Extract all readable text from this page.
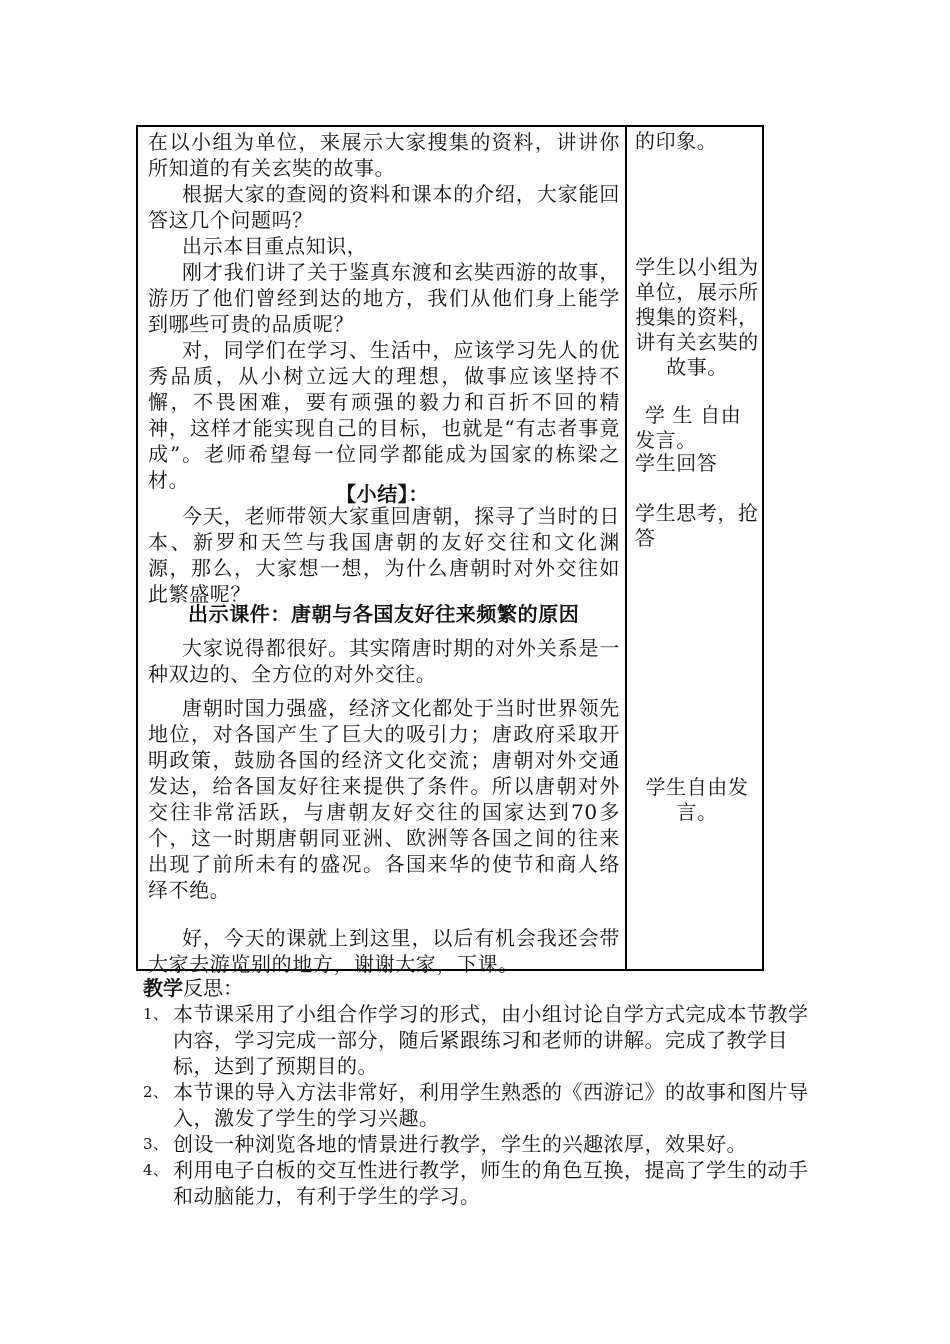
在以小组为单位，来展示大家搜集的资料，讲讲你所知道的有关玄奘的故事。
根据大家的查阅的资料和课本的介绍，大家能回答这几个问题吗？
出示本目重点知识，
刚才我们讲了关于鉴真东渡和玄奘西游的故事，游历了他们曾经到达的地方，我们从他们身上能学到哪些可贵的品质呢？
对，同学们在学习、生活中，应该学习先人的优秀品质，从小树立远大的理想，做事应该坚持不懈，不畏困难，要有顽强的毅力和百折不回的精神，这样才能实现自己的目标，也就是“有志者事竟成”。老师希望每一位同学都能成为国家的栋梁之材。
【小结】：
今天，老师带领大家重回唐朝，探寻了当时的日本、新罗和天竺与我国唐朝的友好交往和文化渊源，那么，大家想一想，为什么唐朝时对外交往如此繁盛呢？
出示课件：唐朝与各国友好往来频繁的原因
大家说得都很好。其实隋唐时期的对外关系是一种双边的、全方位的对外交往。
唐朝时国力强盛，经济文化都处于当时世界领先地位，对各国产生了巨大的吸引力；唐政府采取开明政策，鼓励各国的经济文化交流；唐朝对外交通发达，给各国友好往来提供了条件。所以唐朝对外交往非常活跃，与唐朝友好交往的国家达到70多个，这一时期唐朝同亚洲、欧洲等各国之间的往来出现了前所未有的盛况。各国来华的使节和商人络绎不绝。
好，今天的课就上到这里，以后有机会我还会带大家去游览别的地方，谢谢大家，下课。
的印象。
学生以小组为单位，展示所搜集的资料，讲有关玄奘的故事。
学 生 自由发言。
学生回答
学生思考，抢答
学生自由发言。
教学反思：
1、 本节课采用了小组合作学习的形式，由小组讨论自学方式完成本节教学内容，学习完成一部分，随后紧跟练习和老师的讲解。完成了教学目标，达到了预期目的。
2、 本节课的导入方法非常好，利用学生熟悉的《西游记》的故事和图片导入，激发了学生的学习兴趣。
3、 创设一种浏览各地的情景进行教学，学生的兴趣浓厚，效果好。
4、 利用电子白板的交互性进行教学，师生的角色互换，提高了学生的动手和动脑能力，有利于学生的学习。
